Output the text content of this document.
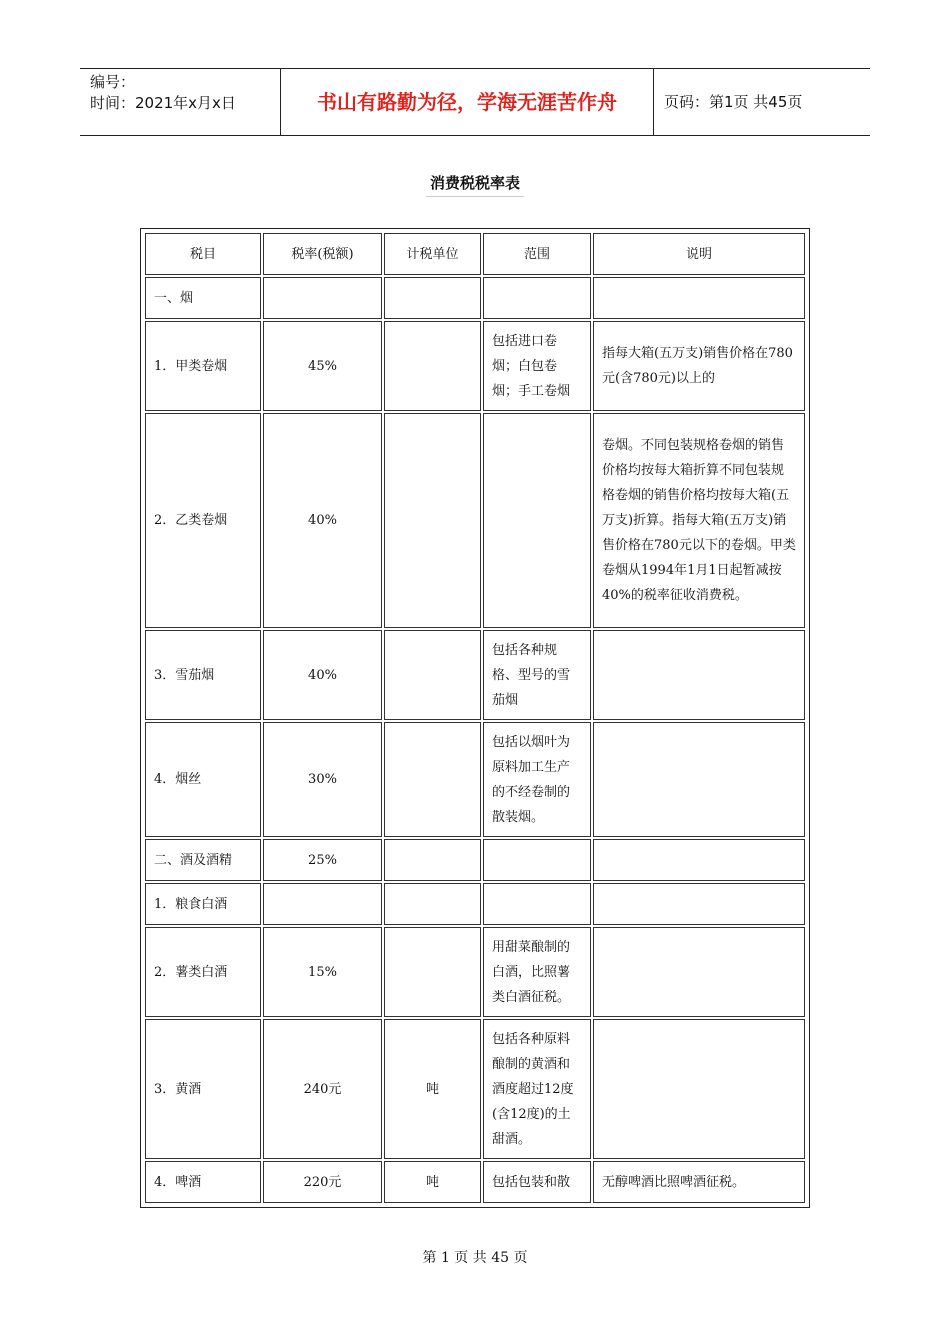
编号：
时间：2021年x月x日	书山有路勤为径，学海无涯苦作舟	页码：第1页 共45页
消费税税率表
税目	税率(税额)	计税单位	范围	说明
一、烟				
1．甲类卷烟	45%		包括进口卷烟；白包卷烟；手工卷烟	指每大箱(五万支)销售价格在780元(含780元)以上的
2．乙类卷烟	40%			卷烟。不同包装规格卷烟的销售价格均按每大箱折算不同包装规格卷烟的销售价格均按每大箱(五万支)折算。指每大箱(五万支)销售价格在780元以下的卷烟。甲类卷烟从1994年1月1日起暂减按40%的税率征收消费税。
3．雪茄烟	40%		包括各种规格、型号的雪茄烟	
4．烟丝	30%		包括以烟叶为原料加工生产的不经卷制的散装烟。	
二、酒及酒精	25%			
1．粮食白酒				
2．薯类白酒	15%		用甜菜酿制的白酒，比照薯类白酒征税。	
3．黄酒	240元	吨	包括各种原料酿制的黄酒和酒度超过12度(含12度)的土甜酒。	
4．啤酒	220元	吨	包括包装和散	无醇啤酒比照啤酒征税。
第 1 页 共 45 页
